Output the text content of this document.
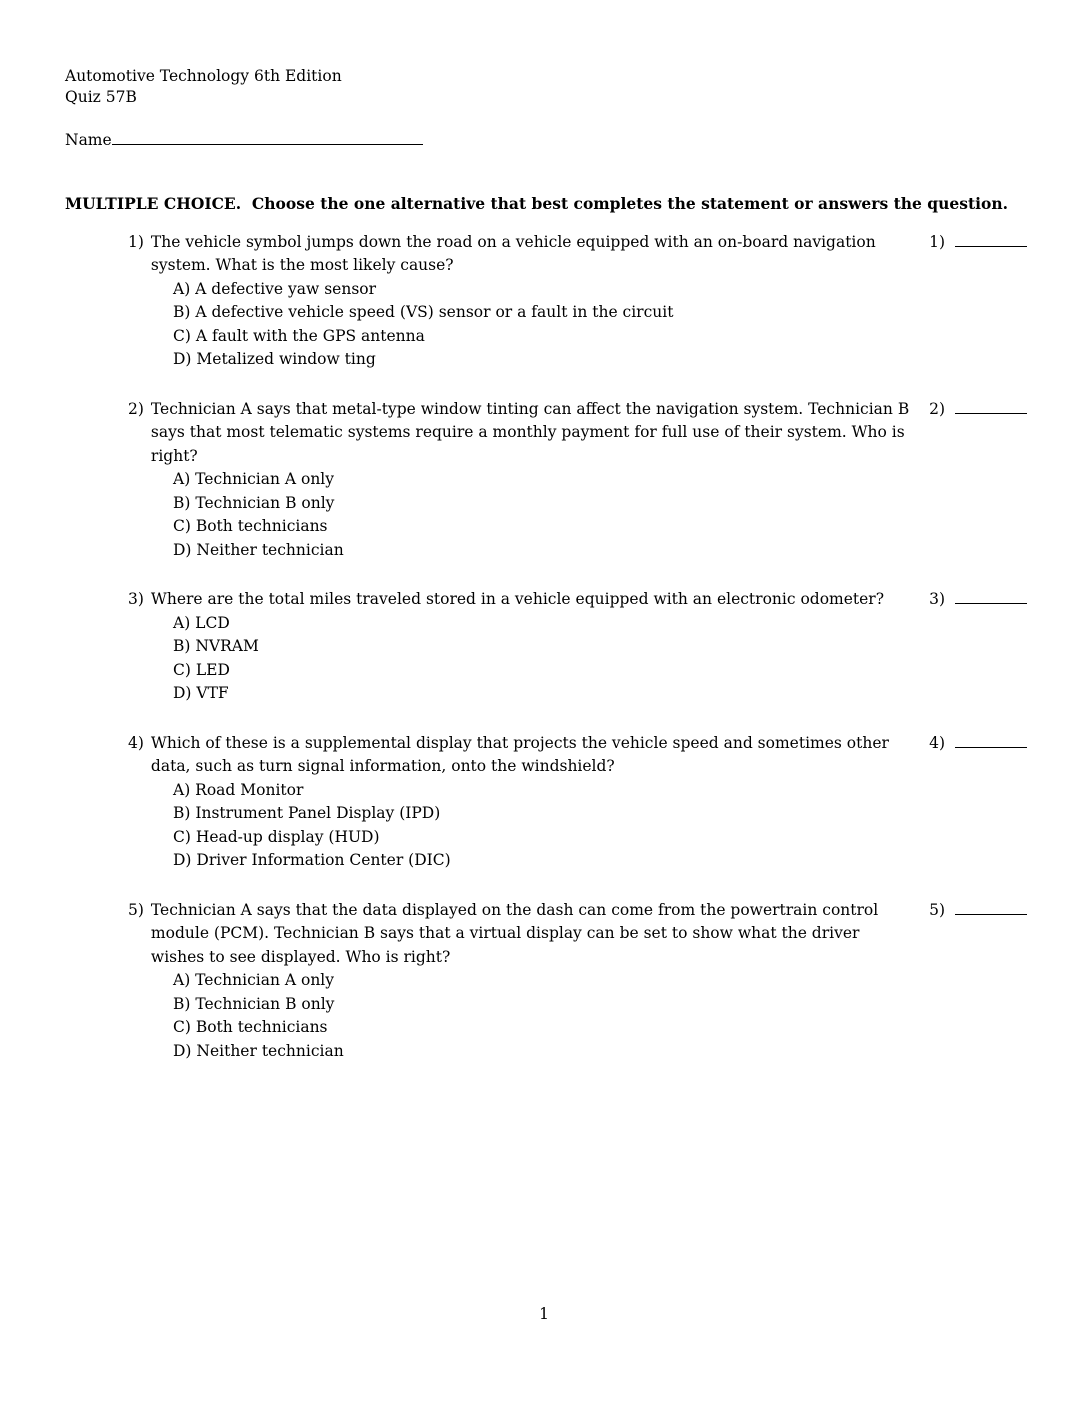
Automotive Technology 6th Edition
Quiz 57B
Name
MULTIPLE CHOICE.  Choose the one alternative that best completes the statement or answers the question.
1) The vehicle symbol jumps down the road on a vehicle equipped with an on-board navigation system. What is the most likely cause?
A) A defective yaw sensor
B) A defective vehicle speed (VS) sensor or a fault in the circuit
C) A fault with the GPS antenna
D) Metalized window ting
1)
2) Technician A says that metal-type window tinting can affect the navigation system. Technician B says that most telematic systems require a monthly payment for full use of their system. Who is right?
A) Technician A only
B) Technician B only
C) Both technicians
D) Neither technician
2)
3) Where are the total miles traveled stored in a vehicle equipped with an electronic odometer?
A) LCD
B) NVRAM
C) LED
D) VTF
3)
4) Which of these is a supplemental display that projects the vehicle speed and sometimes other data, such as turn signal information, onto the windshield?
A) Road Monitor
B) Instrument Panel Display (IPD)
C) Head-up display (HUD)
D) Driver Information Center (DIC)
4)
5) Technician A says that the data displayed on the dash can come from the powertrain control module (PCM). Technician B says that a virtual display can be set to show what the driver wishes to see displayed. Who is right?
A) Technician A only
B) Technician B only
C) Both technicians
D) Neither technician
5)
1
